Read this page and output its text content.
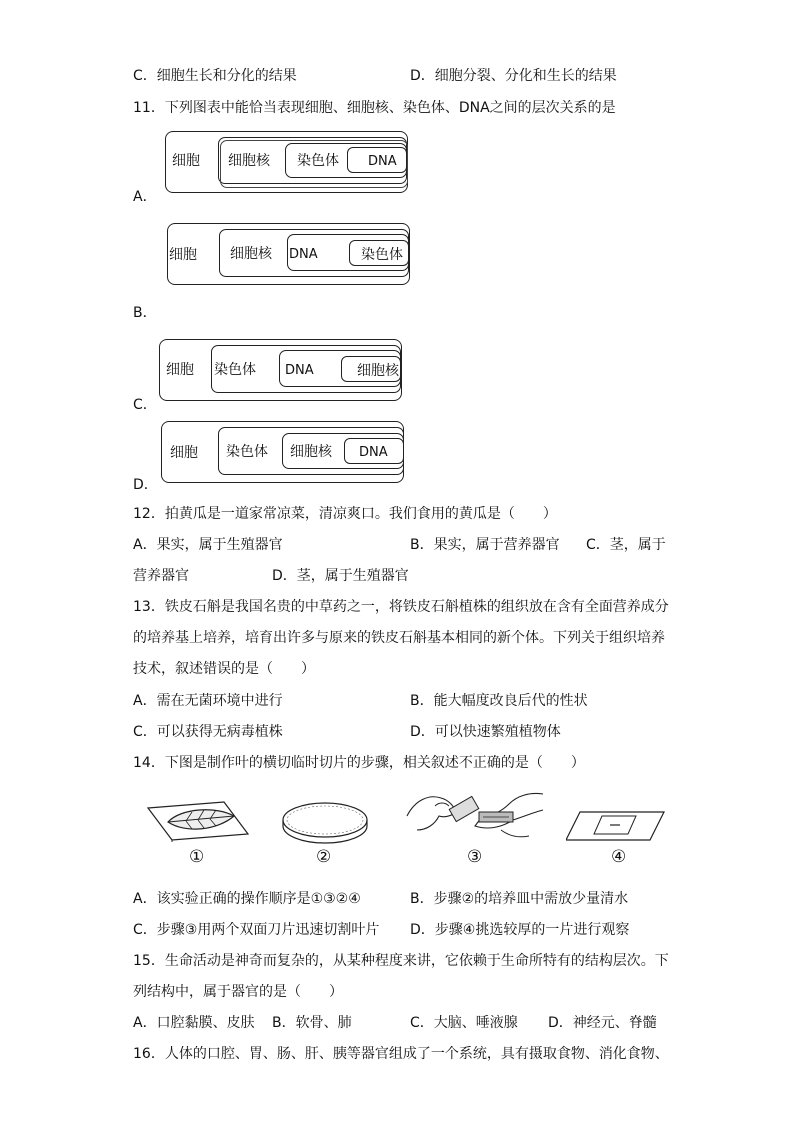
C．细胞生长和分化的结果	D．细胞分裂、分化和生长的结果
11．下列图表中能恰当表现细胞、细胞核、染色体、DNA之间的层次关系的是
细胞 细胞核 染色体 DNA
A．
细胞 细胞核 DNA	染色体
B．
细胞 染色体 DNA	细胞核
C．
细胞 染色体 细胞核 DNA
D．
12．拍黄瓜是一道家常凉菜，清凉爽口。我们食用的黄瓜是（　　）
A．果实，属于生殖器官	B．果实，属于营养器官 C．茎，属于
营养器官	D．茎，属于生殖器官
13．铁皮石斛是我国名贵的中草药之一，将铁皮石斛植株的组织放在含有全面营养成分
的培养基上培养，培育出许多与原来的铁皮石斛基本相同的新个体。下列关于组织培养
技术，叙述错误的是（　　）
A．需在无菌环境中进行	B．能大幅度改良后代的性状
C．可以获得无病毒植株	D．可以快速繁殖植物体
14．下图是制作叶的横切临时切片的步骤，相关叙述不正确的是（　　）
①	②	③	④
A．该实验正确的操作顺序是①③②④	B．步骤②的培养皿中需放少量清水
C．步骤③用两个双面刀片迅速切割叶片 D．步骤④挑选较厚的一片进行观察
15．生命活动是神奇而复杂的，从某种程度来讲，它依赖于生命所特有的结构层次。下
列结构中，属于器官的是（　　）
A．口腔黏膜、皮肤 B．软骨、肺	C．大脑、唾液腺 D．神经元、脊髓
16．人体的口腔、胃、肠、肝、胰等器官组成了一个系统，具有摄取食物、消化食物、
